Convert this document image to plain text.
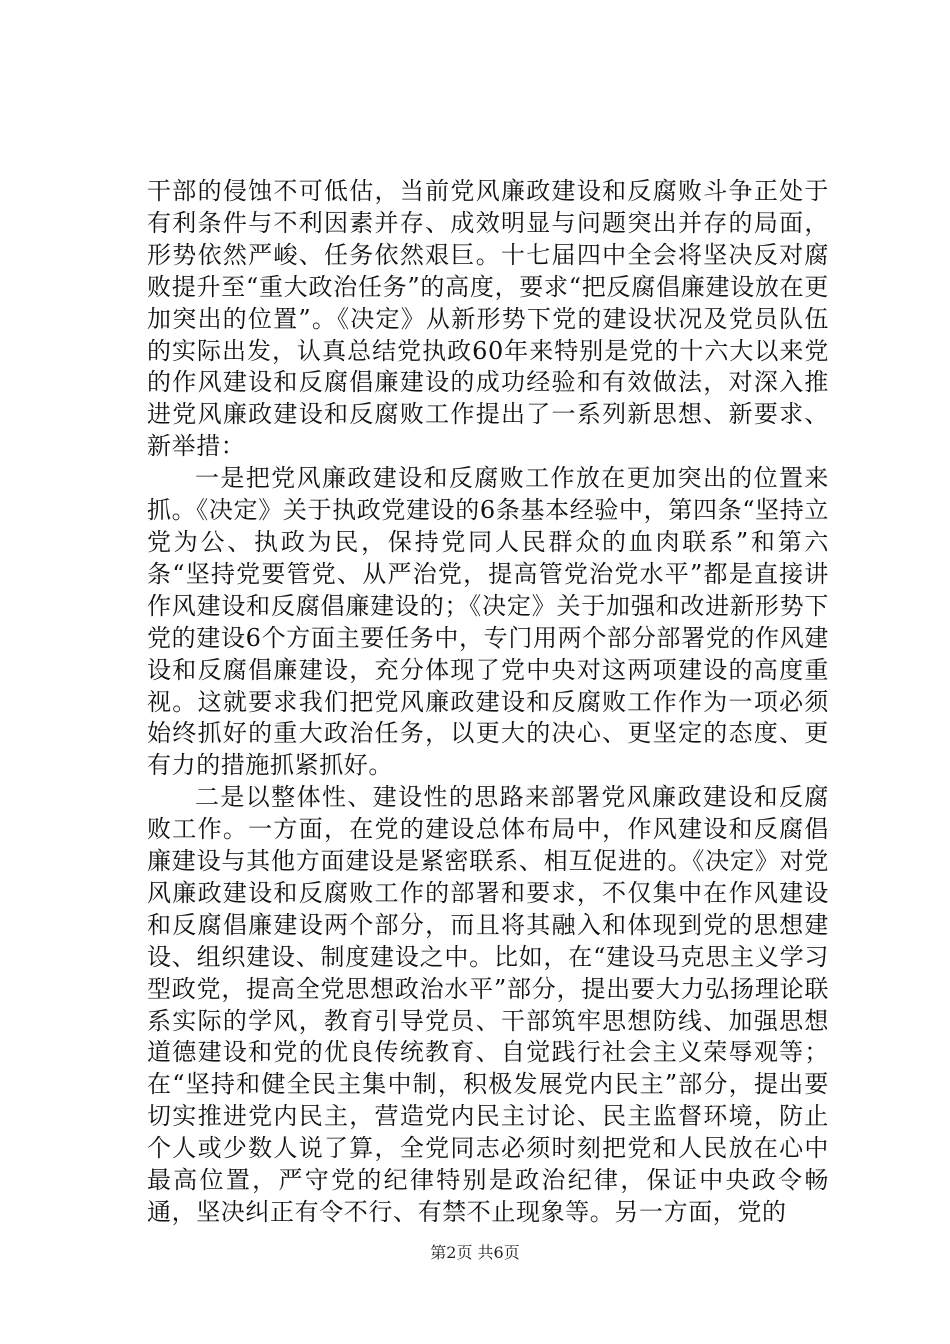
干部的侵蚀不可低估，当前党风廉政建设和反腐败斗争正处于有利条件与不利因素并存、成效明显与问题突出并存的局面，形势依然严峻、任务依然艰巨。十七届四中全会将坚决反对腐败提升至“重大政治任务”的高度，要求“把反腐倡廉建设放在更加突出的位置”。《决定》从新形势下党的建设状况及党员队伍的实际出发，认真总结党执政60年来特别是党的十六大以来党的作风建设和反腐倡廉建设的成功经验和有效做法，对深入推进党风廉政建设和反腐败工作提出了一系列新思想、新要求、新举措：

一是把党风廉政建设和反腐败工作放在更加突出的位置来抓。《决定》关于执政党建设的6条基本经验中，第四条“坚持立党为公、执政为民，保持党同人民群众的血肉联系”和第六条“坚持党要管党、从严治党，提高管党治党水平”都是直接讲作风建设和反腐倡廉建设的；《决定》关于加强和改进新形势下党的建设6个方面主要任务中，专门用两个部分部署党的作风建设和反腐倡廉建设，充分体现了党中央对这两项建设的高度重视。这就要求我们把党风廉政建设和反腐败工作作为一项必须始终抓好的重大政治任务，以更大的决心、更坚定的态度、更有力的措施抓紧抓好。

二是以整体性、建设性的思路来部署党风廉政建设和反腐败工作。一方面，在党的建设总体布局中，作风建设和反腐倡廉建设与其他方面建设是紧密联系、相互促进的。《决定》对党风廉政建设和反腐败工作的部署和要求，不仅集中在作风建设和反腐倡廉建设两个部分，而且将其融入和体现到党的思想建设、组织建设、制度建设之中。比如，在“建设马克思主义学习型政党，提高全党思想政治水平”部分，提出要大力弘扬理论联系实际的学风，教育引导党员、干部筑牢思想防线、加强思想道德建设和党的优良传统教育、自觉践行社会主义荣辱观等；在“坚持和健全民主集中制，积极发展党内民主”部分，提出要切实推进党内民主，营造党内民主讨论、民主监督环境，防止个人或少数人说了算，全党同志必须时刻把党和人民放在心中最高位置，严守党的纪律特别是政治纪律，保证中央政令畅通，坚决纠正有令不行、有禁不止现象等。另一方面，党的

第2页 共6页
